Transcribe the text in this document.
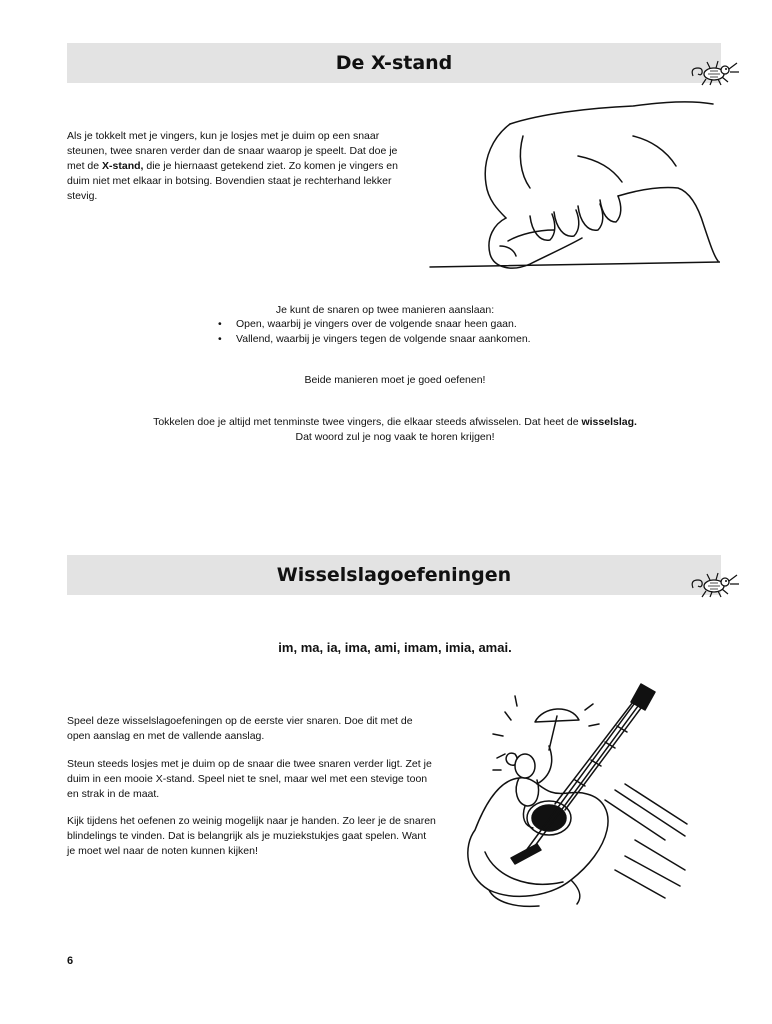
De X-stand

Als je tokkelt met je vingers, kun je losjes met je duim op een snaar steunen, twee snaren verder dan de snaar waarop je speelt. Dat doe je met de X-stand, die je hiernaast getekend ziet. Zo komen je vingers en duim niet met elkaar in botsing. Bovendien staat je rechterhand lekker stevig.

Je kunt de snaren op twee manieren aanslaan:

• Open, waarbij je vingers over de volgende snaar heen gaan.
• Vallend, waarbij je vingers tegen de volgende snaar aankomen.

Beide manieren moet je goed oefenen!

Tokkelen doe je altijd met tenminste twee vingers, die elkaar steeds afwisselen. Dat heet de wisselslag.
Dat woord zul je nog vaak te horen krijgen!

Wisselslagoefeningen
im, ma, ia, ima, ami, imam, imia, amai.

Speel deze wisselslagoefeningen op de eerste vier snaren. Doe dit met de open aanslag en met de vallende aanslag.

Steun steeds losjes met je duim op de snaar die twee snaren verder ligt. Zet je duim in een mooie X-stand. Speel niet te snel, maar wel met een stevige toon en strak in de maat.

Kijk tijdens het oefenen zo weinig mogelijk naar je handen. Zo leer je de snaren blindelings te vinden. Dat is belangrijk als je muziekstukjes gaat spelen. Want je moet wel naar de noten kunnen kijken!

6
